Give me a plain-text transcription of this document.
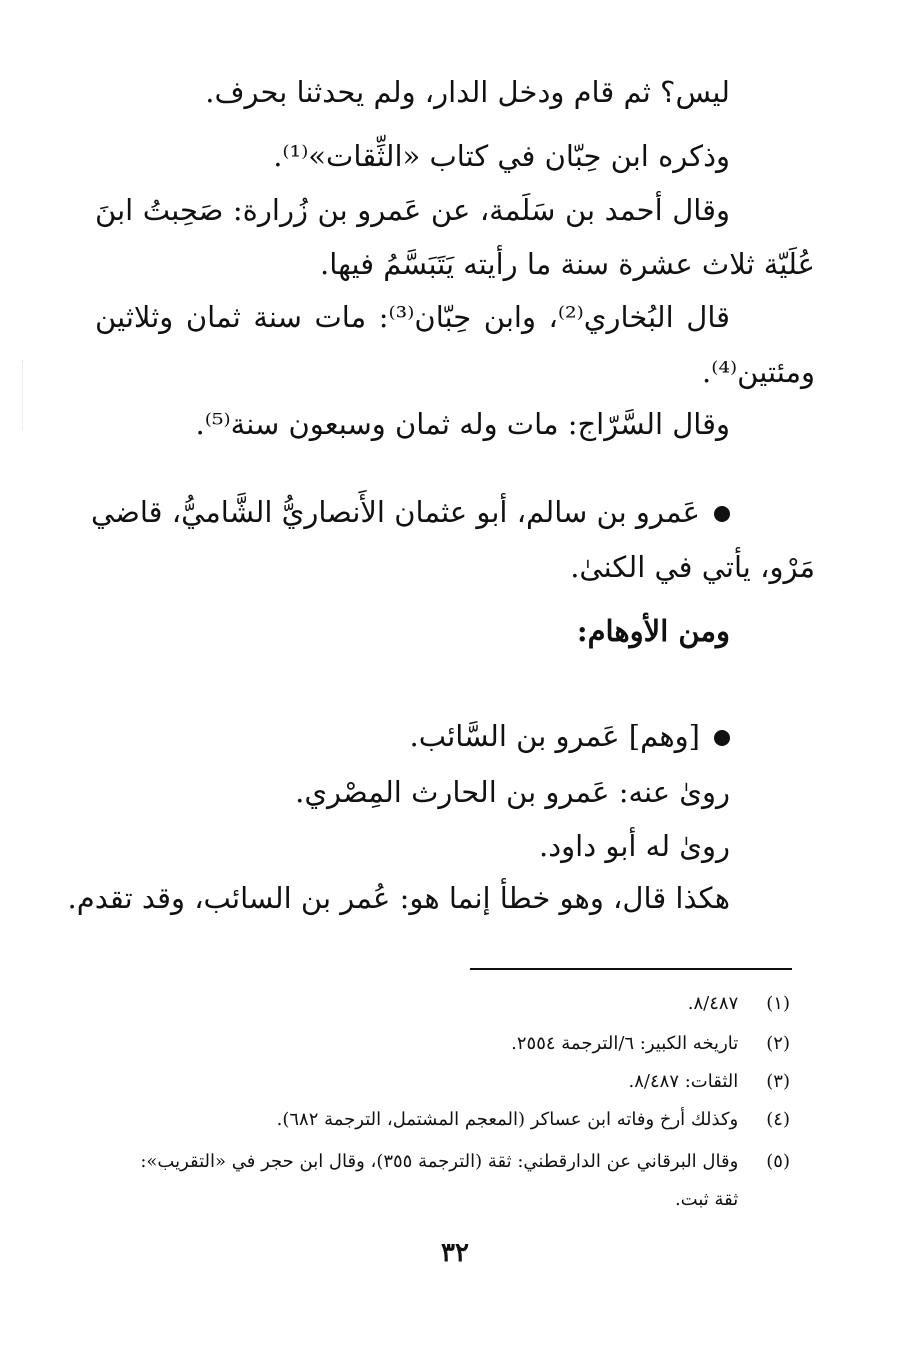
ليس؟ ثم قام ودخل الدار، ولم يحدثنا بحرف.
وذكره ابن حِبّان في كتاب «الثِّقات»⁽¹⁾.
وقال أحمد بن سَلَمة، عن عَمرو بن زُرارة: صَحِبتُ ابنَ
عُلَيّة ثلاث عشرة سنة ما رأيته يَتَبَسَّمُ فيها.
قال البُخاري⁽²⁾، وابن حِبّان⁽³⁾: مات سنة ثمان وثلاثين
ومئتين⁽⁴⁾.
وقال السَّرّاج: مات وله ثمان وسبعون سنة⁽⁵⁾.
عَمرو بن سالم، أبو عثمان الأَنصاريُّ الشَّاميُّ، قاضي
مَرْو، يأتي في الكنىٰ.
ومن الأوهام:
[وهم] عَمرو بن السَّائب.
روىٰ عنه: عَمرو بن الحارث المِصْري.
روىٰ له أبو داود.
هكذا قال، وهو خطأ إنما هو: عُمر بن السائب، وقد تقدم.
(١) ٨/٤٨٧.
(٢) تاريخه الكبير: ٦/الترجمة ٢٥٥٤.
(٣) الثقات: ٨/٤٨٧.
(٤) وكذلك أرخ وفاته ابن عساكر (المعجم المشتمل، الترجمة ٦٨٢).
(٥) وقال البرقاني عن الدارقطني: ثقة (الترجمة ٣٥٥)، وقال ابن حجر في «التقريب»:
ثقة ثبت.
٣٢
